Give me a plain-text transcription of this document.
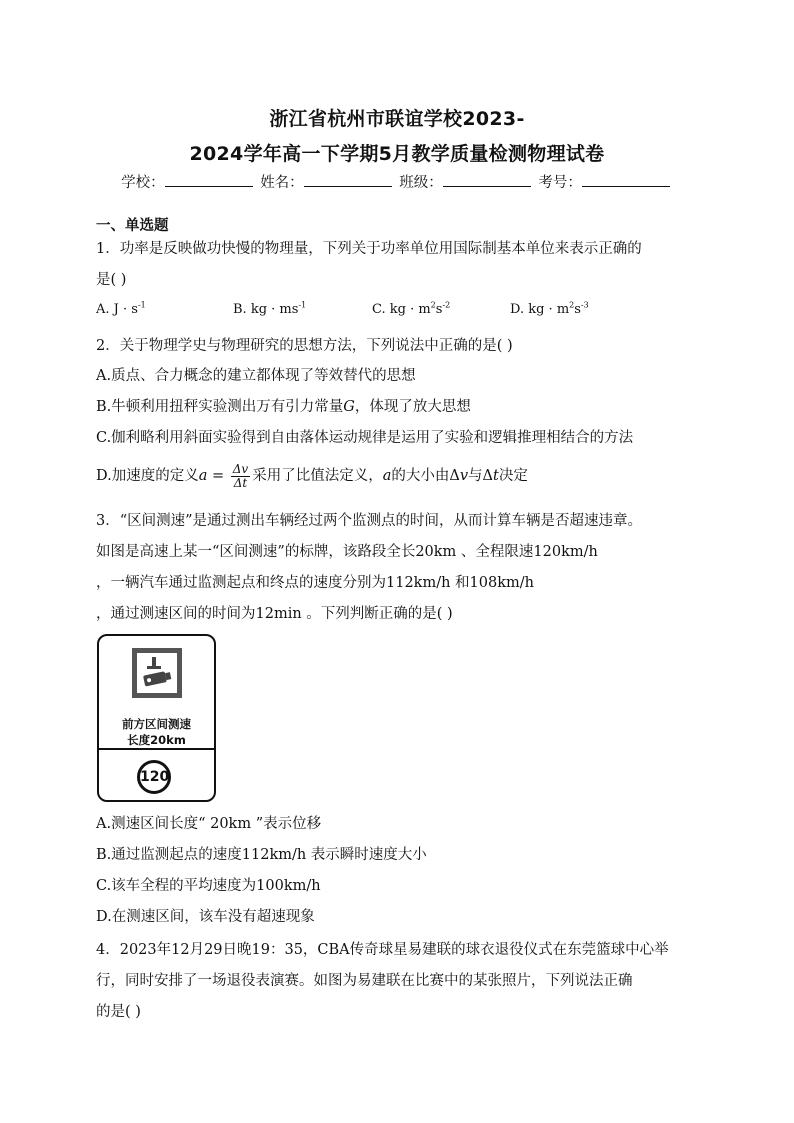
浙江省杭州市联谊学校2023-
2024学年高一下学期5月教学质量检测物理试卷
学校：	姓名：	班级：	考号：
一、单选题
1．功率是反映做功快慢的物理量，下列关于功率单位用国际制基本单位来表示正确的
是( )
A. $J \cdot s^{-1}$	B. kg · $ms^{-1}$	C. kg · $m^2s^{-2}$	D. kg · $m^2s^{-3}$
2．关于物理学史与物理研究的思想方法，下列说法中正确的是( )
A.质点、合力概念的建立都体现了等效替代的思想
B.牛顿利用扭秤实验测出万有引力常量G，体现了放大思想
C.伽利略利用斜面实验得到自由落体运动规律是运用了实验和逻辑推理相结合的方法
D.加速度的定义$a = \frac{\Delta v}{\Delta t}$ 采用了比值法定义，a的大小由Δv与Δt决定
3．“区间测速”是通过测出车辆经过两个监测点的时间，从而计算车辆是否超速违章。
如图是高速上某一“区间测速”的标牌，该路段全长20km 、全程限速120km/h
，一辆汽车通过监测起点和终点的速度分别为112km/h 和108km/h
，通过测速区间的时间为12min 。下列判断正确的是( )
前方区间测速
长度20km
120
A.测速区间长度“ 20km ”表示位移
B.通过监测起点的速度112km/h 表示瞬时速度大小
C.该车全程的平均速度为100km/h
D.在测速区间，该车没有超速现象
4．2023年12月29日晚19：35，CBA传奇球星易建联的球衣退役仪式在东莞篮球中心举
行，同时安排了一场退役表演赛。如图为易建联在比赛中的某张照片，下列说法正确
的是( )
